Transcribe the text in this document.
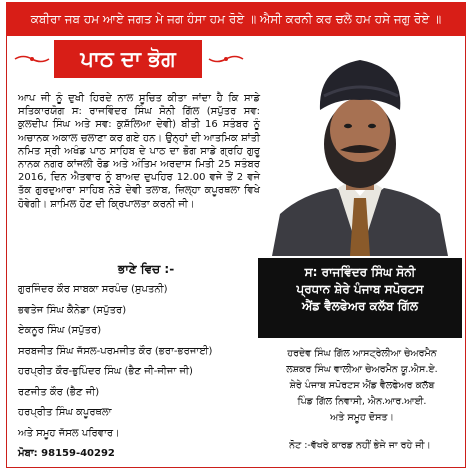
ਕਬੀਰਾ ਜਬ ਹਮ ਆਏ ਜਗਤ ਮੇ ਜਗ ਹੰਸਾ ਹਮ ਰੋਏ ॥ ਐਸੀ ਕਰਨੀ ਕਰ ਚਲੇ ਹਮ ਹਸੇ ਜਗੁ ਰੋਏ ॥
ਪਾਠ ਦਾ ਭੋਗ
ਆਪ ਜੀ ਨੂੰ ਦੁਖੀ ਹਿਰਦੇ ਨਾਲ ਸੂਚਿਤ ਕੀਤਾ ਜਾਂਦਾ ਹੈ ਕਿ ਸਾਡੇ ਸਤਿਕਾਰਯੋਗ ਸ: ਰਾਜਵਿੰਦਰ ਸਿੰਘ ਸੋਨੀ ਗਿੱਲ (ਸਪੁੱਤਰ ਸਵ: ਕੁਲਦੀਪ ਸਿੰਘ ਅਤੇ ਸਵ: ਕੁਸ਼ੱਲਿਆ ਦੇਵੀ) ਬੀਤੀ 16 ਸਤੰਬਰ ਨੂੰ ਅਚਾਨਕ ਅਕਾਲ ਚਲਾਣਾ ਕਰ ਗਏ ਹਨ। ਉਨ੍ਹਾਂ ਦੀ ਆਤਮਿਕ ਸ਼ਾਂਤੀ ਨਮਿਤ ਸ੍ਰੀ ਅਖੰਡ ਪਾਠ ਸਾਹਿਬ ਦੇ ਪਾਠ ਦਾ ਭੋਗ ਸਾਡੇ ਗ੍ਰਹਿ ਗੁਰੂ ਨਾਨਕ ਨਗਰ ਕਾਂਜਲੀ ਰੋਡ ਅਤੇ ਅੰਤਿਮ ਅਰਦਾਸ ਮਿਤੀ 25 ਸਤੰਬਰ 2016, ਦਿਨ ਐਤਵਾਰ ਨੂੰ ਬਾਅਦ ਦੁਪਹਿਰ 12.00 ਵਜੇ ਤੋਂ 2 ਵਜੇ ਤੱਕ ਗੁਰਦੁਆਰਾ ਸਾਹਿਬ ਨੇੜੇ ਦੇਵੀ ਤਲਾਬ, ਜ਼ਿਲ੍ਹਾ ਕਪੂਰਥਲਾ ਵਿਖੇ ਹੋਵੇਗੀ। ਸ਼ਾਮਿਲ ਹੋਣ ਦੀ ਕ੍ਰਿਪਾਲਤਾ ਕਰਨੀ ਜੀ।
ਸ: ਰਾਜਵਿੰਦਰ ਸਿੰਘ ਸੋਨੀ
ਪ੍ਰਧਾਨ ਸ਼ੇਰੇ ਪੰਜਾਬ ਸਪੋਰਟਸ
ਐਂਡ ਵੈਲਫੇਅਰ ਕਲੱਬ ਗਿੱਲ
ਭਾਣੇ ਵਿਚ :-
ਗੁਰਜਿੰਦਰ ਕੌਰ ਸਾਬਕਾ ਸਰਪੰਚ (ਸੁਪਤਨੀ)
ਭਵਤੇਜ ਸਿੰਘ ਕੈਨੇਡਾ (ਸਪੁੱਤਰ)
ਏਕਨੂਰ ਸਿੰਘ (ਸਪੁੱਤਰ)
ਸਰਬਜੀਤ ਸਿੰਘ ਜੱਸਲ-ਪਰਮਜੀਤ ਕੌਰ (ਭਰਾ-ਭਰਜਾਈ)
ਹਰਪ੍ਰੀਤ ਕੌਰ-ਭੁਪਿੰਦਰ ਸਿੰਘ (ਭੈਣ ਜੀ-ਜੀਜਾ ਜੀ)
ਰਣਜੀਤ ਕੌਰ (ਭੈਣ ਜੀ)
ਹਰਪ੍ਰੀਤ ਸਿੰਘ ਕਪੂਰਥਲਾ
ਅਤੇ ਸਮੂਹ ਜੱਸਲ ਪਰਿਵਾਰ।
ਮੋਬਾ: 98159-40292
ਹਰਦੇਵ ਸਿੰਘ ਗਿੱਲ ਆਸਟ੍ਰੇਲੀਆ ਚੇਅਰਮੈਨ
ਲਸ਼ਕਰ ਸਿੰਘ ਵਾਲੀਆ ਚੇਅਰਮੈਨ ਯੂ.ਐਸ.ਏ.
ਸ਼ੇਰੇ ਪੰਜਾਬ ਸਪੋਰਟਸ ਐਂਡ ਵੈਲਫੇਅਰ ਕਲੱਬ
ਪਿੰਡ ਗਿੱਲ ਨਿਵਾਸੀ, ਐਨ.ਆਰ.ਆਈ.
ਅਤੇ ਸਮੂਹ ਦੋਸਤ।
ਨੋਟ :-ਵੱਖਰੇ ਕਾਰਡ ਨਹੀਂ ਭੇਜੇ ਜਾ ਰਹੇ ਜੀ।
